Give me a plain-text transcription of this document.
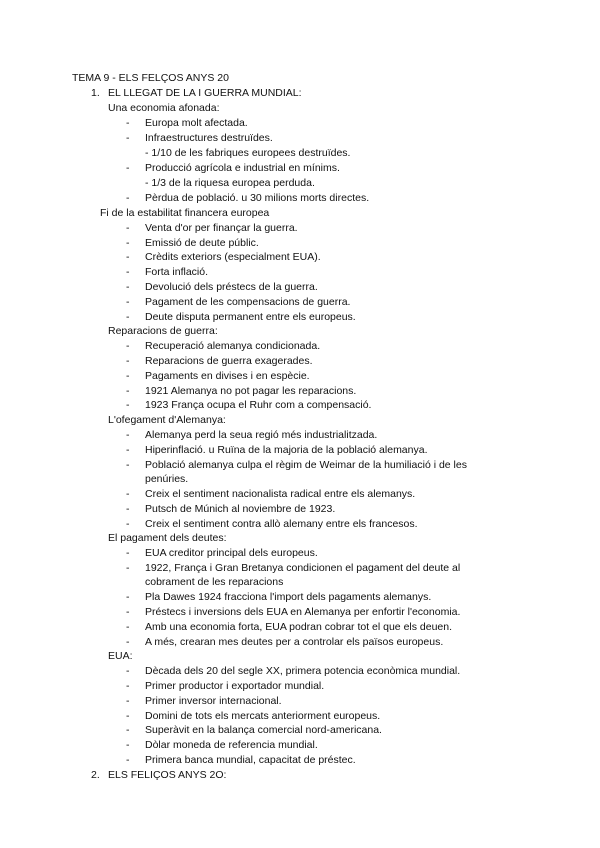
TEMA 9 - ELS FELÇOS ANYS 20
1. EL LLEGAT DE LA I GUERRA MUNDIAL:
Una economia afonada:
- Europa molt afectada.
- Infraestructures destruïdes.
- 1/10 de les fabriques europees destruïdes.
- Producció agrícola e industrial en mínims.
- 1/3 de la riquesa europea perduda.
- Pèrdua de població. u 30 milions morts directes.
Fi de la estabilitat financera europea
- Venta d'or per finançar la guerra.
- Emissió de deute públic.
- Crèdits exteriors (especialment EUA).
- Forta inflació.
- Devolució dels préstecs de la guerra.
- Pagament de les compensacions de guerra.
- Deute disputa permanent entre els europeus.
Reparacions de guerra:
- Recuperació alemanya condicionada.
- Reparacions de guerra exagerades.
- Pagaments en divises i en espècie.
- 1921 Alemanya no pot pagar les reparacions.
- 1923 França ocupa el Ruhr com a compensació.
L'ofegament d'Alemanya:
- Alemanya perd la seua regió més industrialitzada.
- Hiperinflació. u Ruïna de la majoria de la població alemanya.
- Població alemanya culpa el règim de Weimar de la humiliació i de les penúries.
- Creix el sentiment nacionalista radical entre els alemanys.
- Putsch de Múnich al noviembre de 1923.
- Creix el sentiment contra allò alemany entre els francesos.
El pagament dels deutes:
- EUA creditor principal dels europeus.
- 1922, França i Gran Bretanya condicionen el pagament del deute al cobrament de les reparacions
- Pla Dawes 1924 fracciona l'import dels pagaments alemanys.
- Préstecs i inversions dels EUA en Alemanya per enfortir l'economia.
- Amb una economia forta, EUA podran cobrar tot el que els deuen.
- A més, crearan mes deutes per a controlar els països europeus.
EUA:
- Dècada dels 20 del segle XX, primera potencia econòmica mundial.
- Primer productor i exportador mundial.
- Primer inversor internacional.
- Domini de tots els mercats anteriorment europeus.
- Superàvit en la balança comercial nord-americana.
- Dòlar moneda de referencia mundial.
- Primera banca mundial, capacitat de préstec.
2. ELS FELIÇOS ANYS 2O:
